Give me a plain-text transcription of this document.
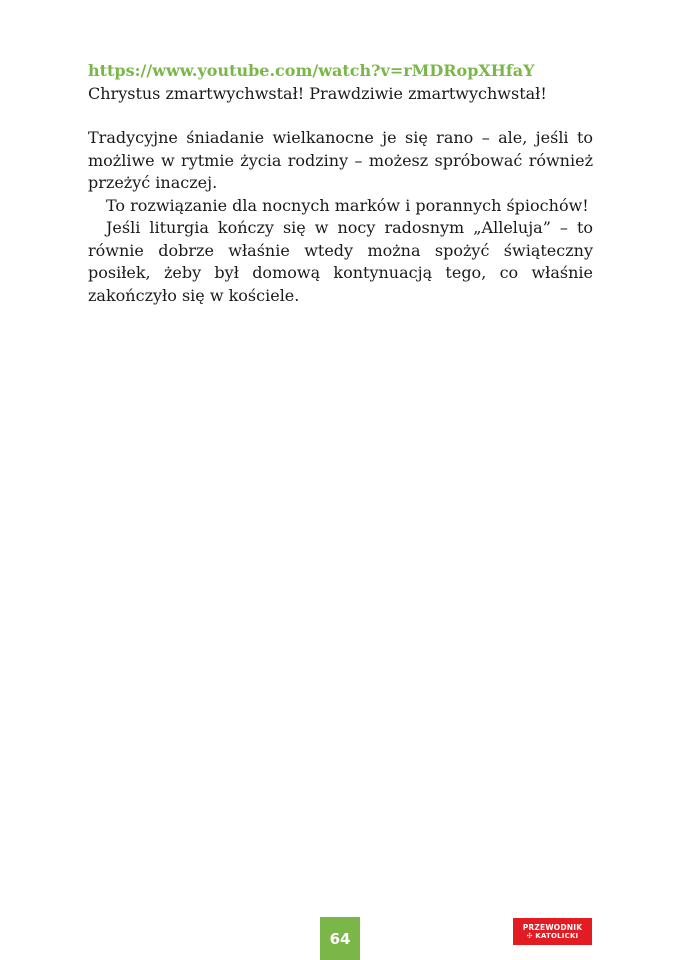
https://www.youtube.com/watch?v=rMDRopXHfaY

Chrystus zmartwychwstał! Prawdziwie zmartwychwstał!

Tradycyjne śniadanie wielkanocne je się rano – ale, jeśli to możliwe w rytmie życia rodziny – możesz spróbować również przeżyć inaczej.

To rozwiązanie dla nocnych marków i porannych śpiochów!

Jeśli liturgia kończy się w nocy radosnym „Alleluja” – to równie dobrze właśnie wtedy można spożyć świąteczny posiłek, żeby był domową kontynuacją tego, co właśnie zakończyło się w kościele.

64
PRZEWODNIK
✣ KATOLICKI
